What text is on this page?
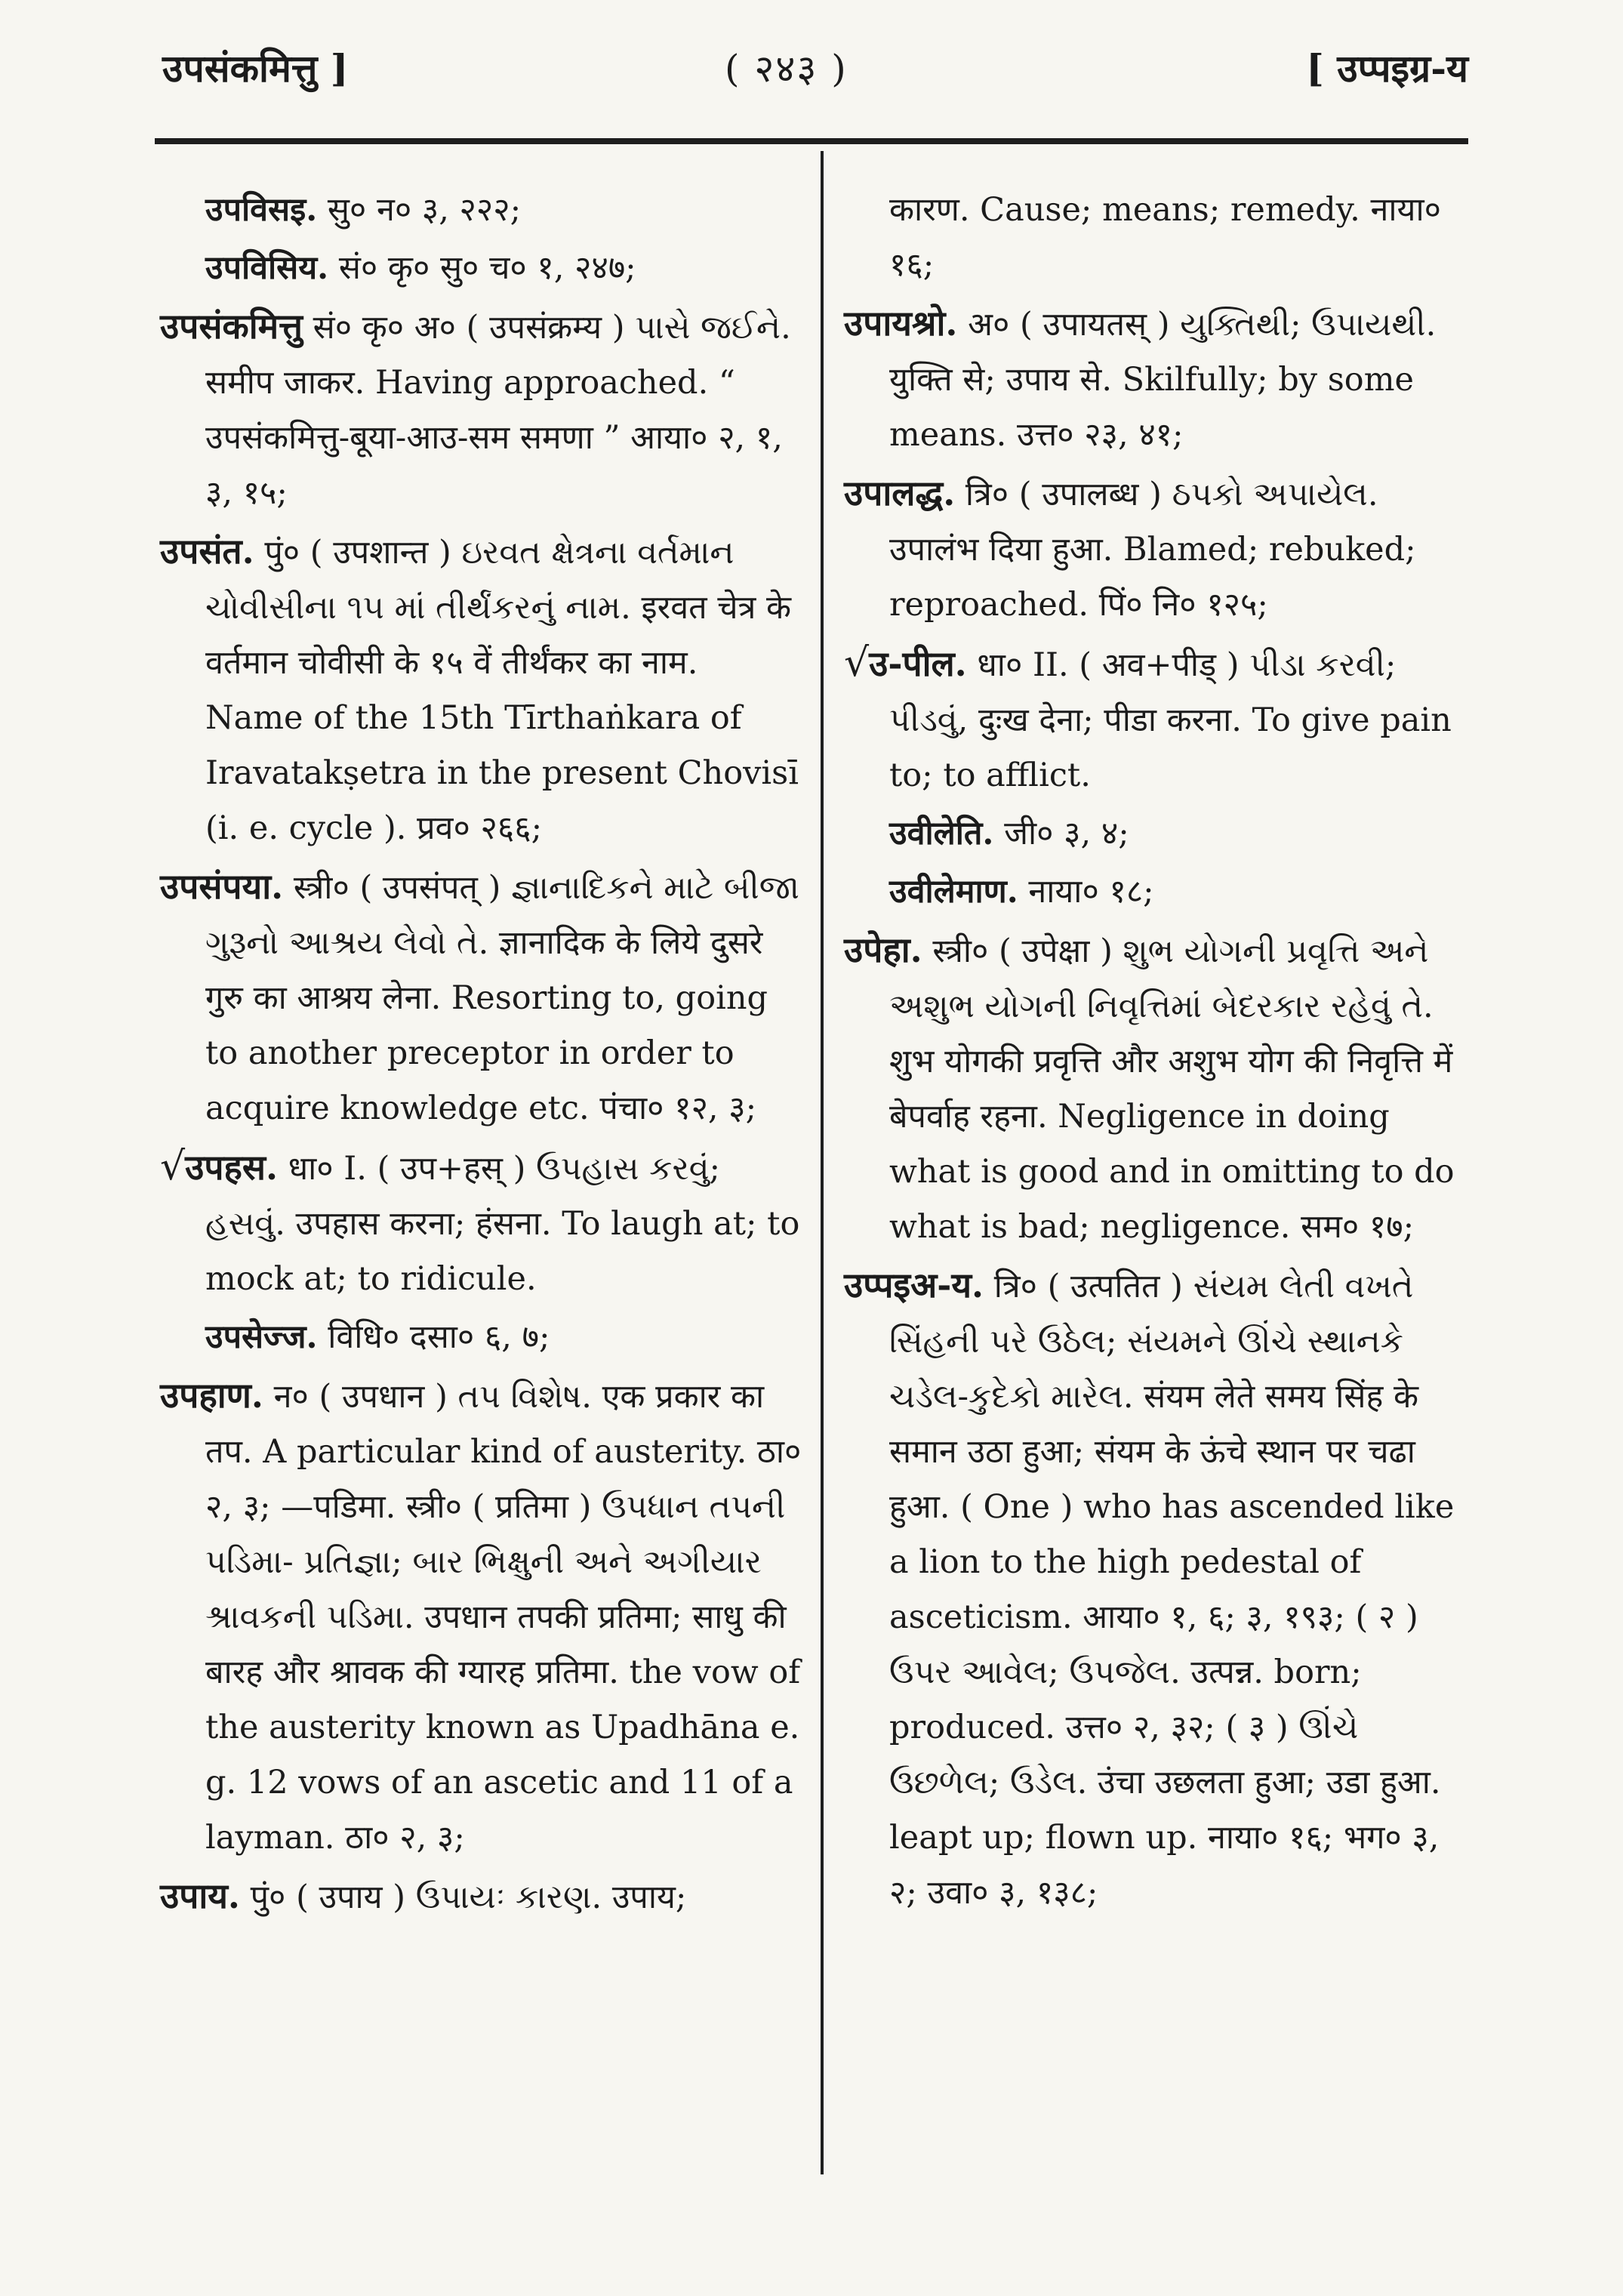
उपसंकमित्तु ]	( २४३ )	[ उप्पइग्र-य
उपविसइ. सु० न० ३, २२२;
उपविसिय. सं० कृ० सु० च० १, २४७;
उपसंकमित्तु सं० कृ० अ० ( उपसंक्रम्य ) પાસે જઈને. समीप जाकर. Having approached. “ उपसंकमित्तु-बूया-आउ-सम समणा ” आया० २, १, ३, १५;
उपसंत. पुं० ( उपशान्त ) ઇરવત ક્ષેત્રના વર્તમાન ચોવીસીના ૧૫ માં તીર્થંકરનું નામ. इरवत चेत्र के वर्तमान चोवीसी के १५ वें तीर्थंकर का नाम. Name of the 15th Tīrthaṅkara of Iravatakṣetra in the present Chovisī (i. e. cycle ). प्रव० २६६;
उपसंपया. स्त्री० ( उपसंपत् ) જ્ઞાનાદિકને માટે બીજા ગુરૂનો આશ્રય લેવો તે. ज्ञानादिक के लिये दुसरे गुरु का आश्रय लेना. Resorting to, going to another preceptor in order to acquire knowledge etc. पंचा० १२, ३;
√उपहस. धा० I. ( उप+हस् ) ઉપહાસ કરવું; હસવું. उपहास करना; हंसना. To laugh at; to mock at; to ridicule.
उपसेज्ज. विधि० दसा० ६, ७;
उपहाण. न० ( उपधान ) તપ વિશેષ. एक प्रकार का तप. A particular kind of austerity. ठा० २, ३; —पडिमा. स्त्री० ( प्रतिमा ) ઉપધાન તપની પડિમા- પ્રતિજ્ઞા; બાર ભિક્ષુની અને અગીયાર શ્રાવકની પડિમા. उपधान तपकी प्रतिमा; साधु की बारह और श्रावक की ग्यारह प्रतिमा. the vow of the austerity known as Upadhāna e. g. 12 vows of an ascetic and 11 of a layman. ठा० २, ३;
उपाय. पुं० ( उपाय ) ઉપાયઃ કારણ. उपाय;
कारण. Cause; means; remedy. नाया० १६;
उपायश्रो. अ० ( उपायतस् ) યુક્તિથી; ઉપાયથી. युक्ति से; उपाय से. Skilfully; by some means. उत्त० २३, ४१;
उपालद्ध. त्रि० ( उपालब्ध ) ઠપકો અપાયેલ. उपालंभ दिया हुआ. Blamed; rebuked; reproached. पिं० नि० १२५;
√उ-पील. धा० II. ( अव+पीड् ) પીડા કરવી; પીડવું, दुःख देना; पीडा करना. To give pain to; to afflict.
उवीलेति. जी० ३, ४;
उवीलेमाण. नाया० १८;
उपेहा. स्त्री० ( उपेक्षा ) શુભ યોગની પ્રવૃત્તિ અને અશુભ યોગની નિવૃત્તિમાં બેદરકાર રહેવું તે. शुभ योगकी प्रवृत्ति और अशुभ योग की निवृत्ति में बेपर्वाह रहना. Negligence in doing what is good and in omitting to do what is bad; negligence. सम० १७;
उप्पइअ-य. त्रि० ( उत्पतित ) સંયમ લેતી વખતે સિંહની પરે ઉઠેલ; સંયમને ઊંચે સ્થાનકે ચડેલ-કુદેકો મારેલ. संयम लेते समय सिंह के समान उठा हुआ; संयम के ऊंचे स्थान पर चढा हुआ. ( One ) who has ascended like a lion to the high pedestal of asceticism. आया० १, ६; ३, १९३; ( २ ) ઉપર આવેલ; ઉપજેલ. उत्पन्न. born; produced. उत्त० २, ३२; ( ३ ) ઊંચે ઉછળેલ; ઉડેલ. उंचा उछलता हुआ; उडा हुआ. leapt up; flown up. नाया० १६; भग० ३, २; उवा० ३, १३८;
